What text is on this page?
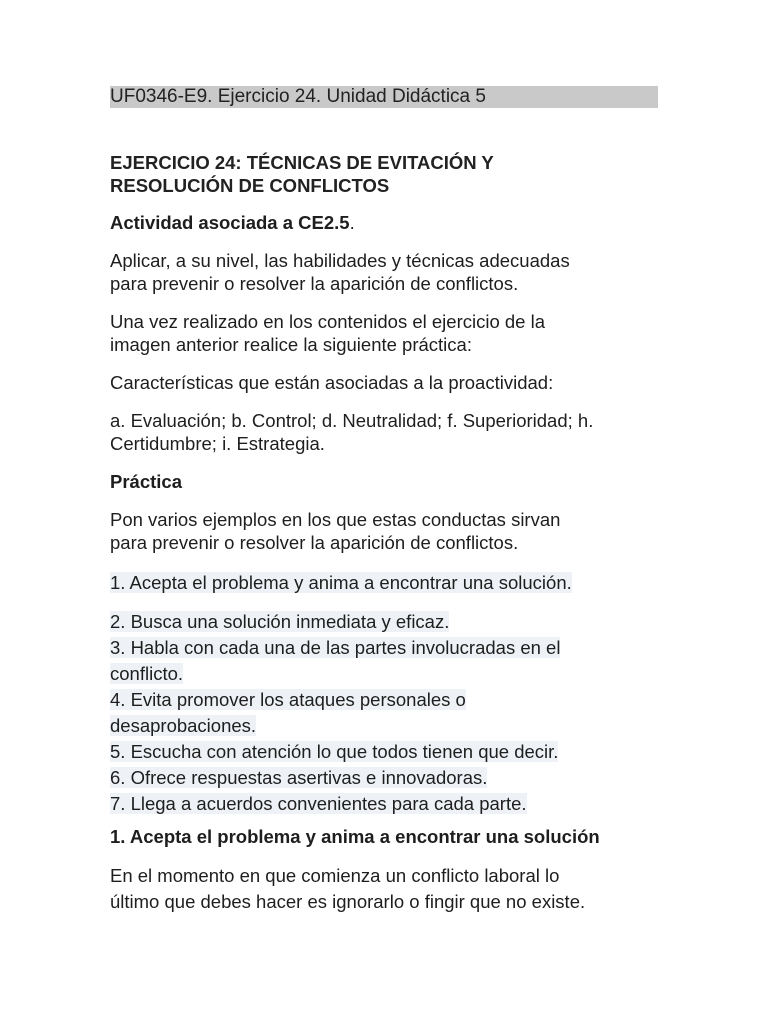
UF0346-E9. Ejercicio 24. Unidad Didáctica 5
EJERCICIO 24: TÉCNICAS DE EVITACIÓN Y
RESOLUCIÓN DE CONFLICTOS
Actividad asociada a CE2.5.
Aplicar, a su nivel, las habilidades y técnicas adecuadas
para prevenir o resolver la aparición de conflictos.
Una vez realizado en los contenidos el ejercicio de la
imagen anterior realice la siguiente práctica:
Características que están asociadas a la proactividad:
a. Evaluación; b. Control; d. Neutralidad; f. Superioridad; h.
Certidumbre; i. Estrategia.
Práctica
Pon varios ejemplos en los que estas conductas sirvan
para prevenir o resolver la aparición de conflictos.
1. Acepta el problema y anima a encontrar una solución.
2. Busca una solución inmediata y eficaz.
3. Habla con cada una de las partes involucradas en el
conflicto.
4. Evita promover los ataques personales o
desaprobaciones.
5. Escucha con atención lo que todos tienen que decir.
6. Ofrece respuestas asertivas e innovadoras.
7. Llega a acuerdos convenientes para cada parte.
1. Acepta el problema y anima a encontrar una solución
En el momento en que comienza un conflicto laboral lo
último que debes hacer es ignorarlo o fingir que no existe.
